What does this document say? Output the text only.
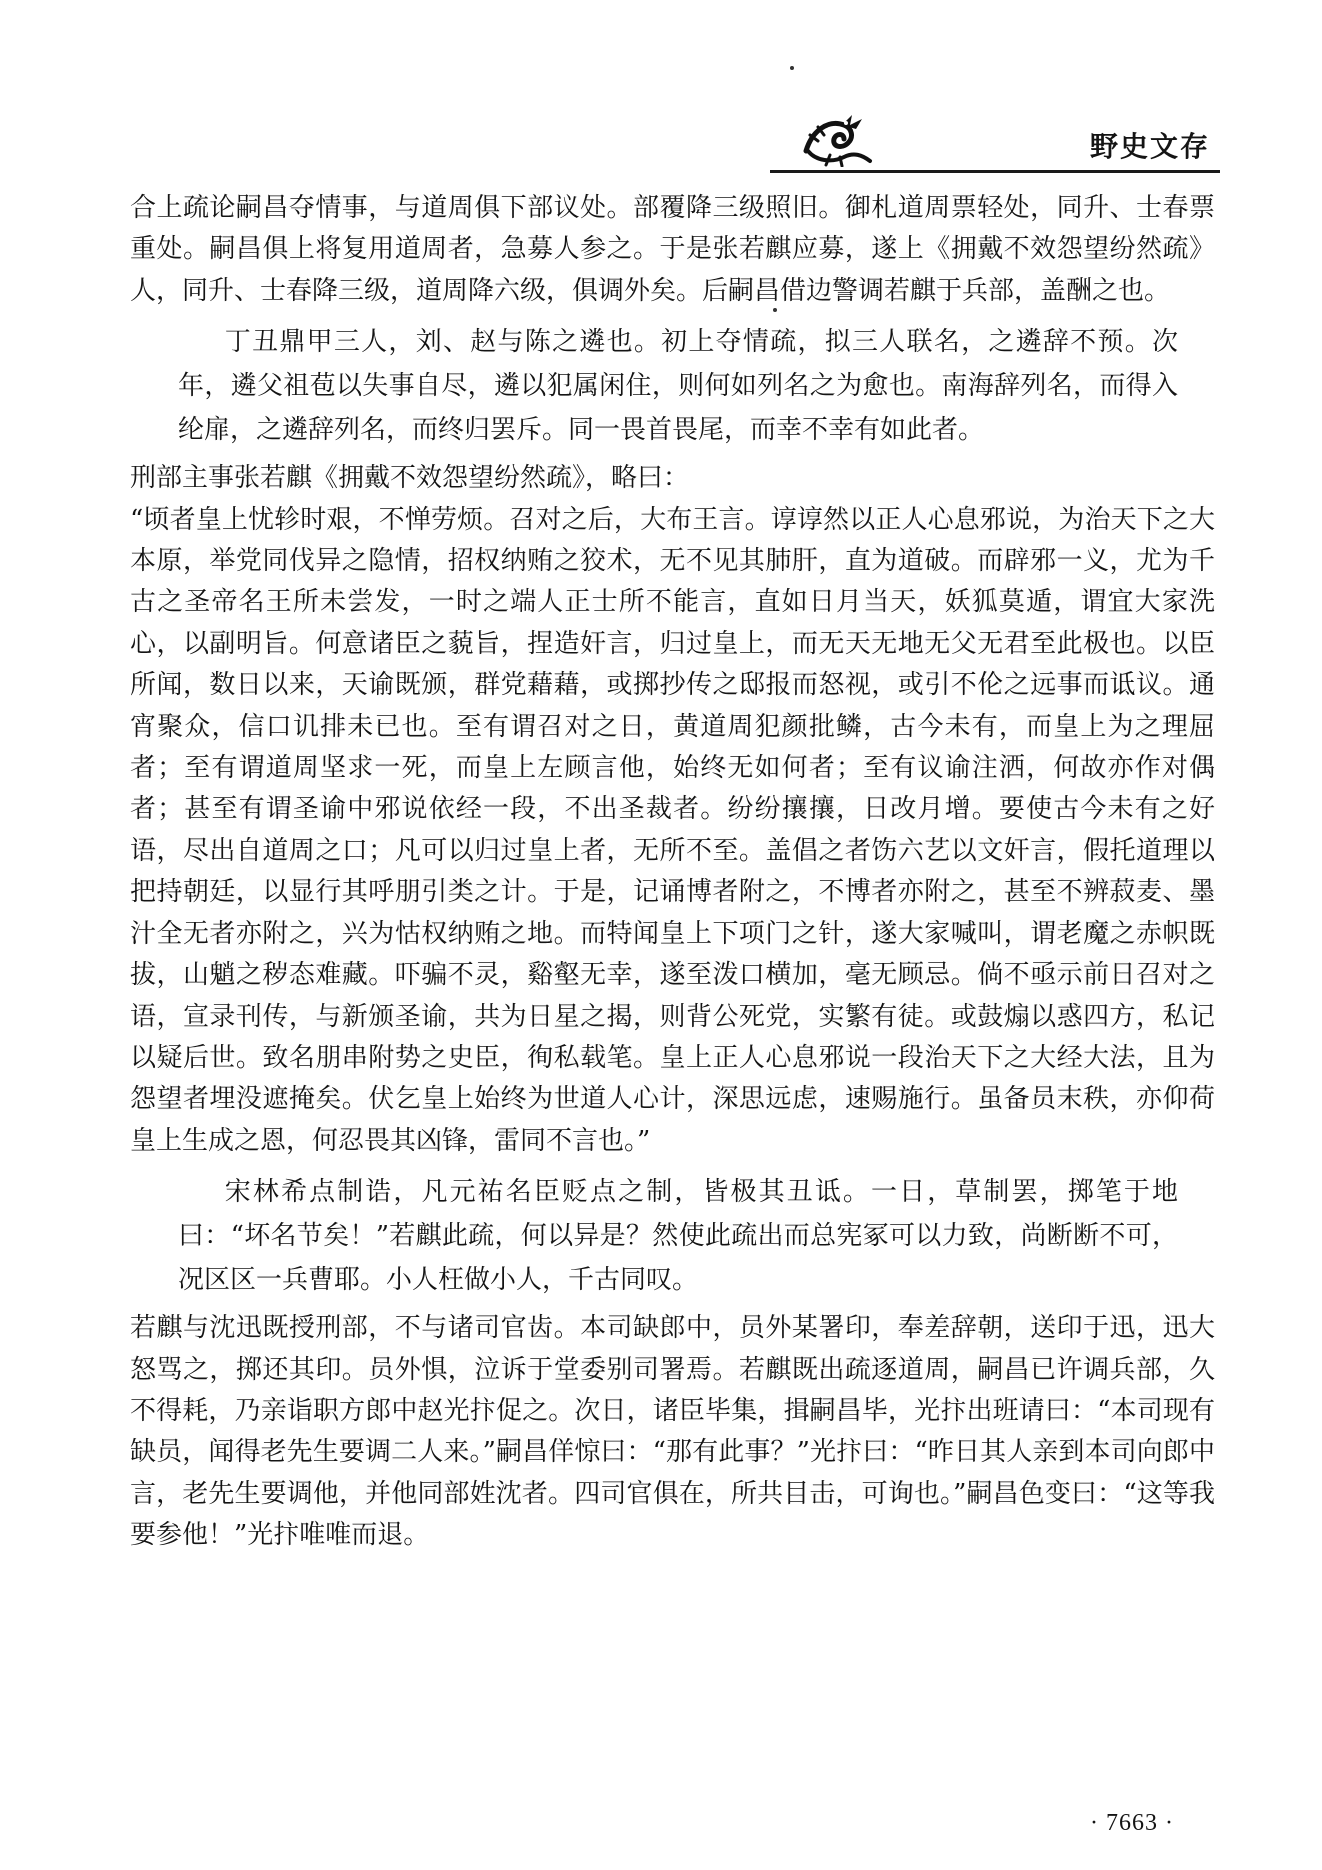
野史文存

合上疏论嗣昌夺情事，与道周俱下部议处。部覆降三级照旧。御札道周票轻处，同升、士春票重处。嗣昌俱上将复用道周者，急募人参之。于是张若麒应募，遂上《拥戴不效怨望纷然疏》人，同升、士春降三级，道周降六级，俱调外矣。后嗣昌借边警调若麒于兵部，盖酬之也。

丁丑鼎甲三人，刘、赵与陈之遴也。初上夺情疏，拟三人联名，之遴辞不预。次年，遴父祖苞以失事自尽，遴以犯属闲住，则何如列名之为愈也。南海辞列名，而得入纶扉，之遴辞列名，而终归罢斥。同一畏首畏尾，而幸不幸有如此者。

刑部主事张若麒《拥戴不效怨望纷然疏》，略曰：

“顷者皇上忧轸时艰，不惮劳烦。召对之后，大布王言。谆谆然以正人心息邪说，为治天下之大本原，举党同伐异之隐情，招权纳贿之狡术，无不见其肺肝，直为道破。而辟邪一义，尤为千古之圣帝名王所未尝发，一时之端人正士所不能言，直如日月当天，妖狐莫遁，谓宜大家洗心，以副明旨。何意诸臣之藐旨，捏造奸言，归过皇上，而无天无地无父无君至此极也。以臣所闻，数日以来，天谕既颁，群党藉藉，或掷抄传之邸报而怒视，或引不伦之远事而诋议。通宵聚众，信口讥排未已也。至有谓召对之日，黄道周犯颜批鳞，古今未有，而皇上为之理屈者；至有谓道周坚求一死，而皇上左顾言他，始终无如何者；至有议谕注洒，何故亦作对偶者；甚至有谓圣谕中邪说依经一段，不出圣裁者。纷纷攘攘，日改月增。要使古今未有之好语，尽出自道周之口；凡可以归过皇上者，无所不至。盖倡之者饬六艺以文奸言，假托道理以把持朝廷，以显行其呼朋引类之计。于是，记诵博者附之，不博者亦附之，甚至不辨菽麦、墨汁全无者亦附之，兴为怙权纳贿之地。而特闻皇上下项门之针，遂大家喊叫，谓老魔之赤帜既拔，山魈之秽态难藏。吓骗不灵，谿壑无幸，遂至泼口横加，毫无顾忌。倘不亟示前日召对之语，宣录刊传，与新颁圣谕，共为日星之揭，则背公死党，实繁有徒。或鼓煽以惑四方，私记以疑后世。致名朋串附势之史臣，徇私载笔。皇上正人心息邪说一段治天下之大经大法，且为怨望者埋没遮掩矣。伏乞皇上始终为世道人心计，深思远虑，速赐施行。虽备员末秩，亦仰荷皇上生成之恩，何忍畏其凶锋，雷同不言也。”

宋林希点制诰，凡元祐名臣贬点之制，皆极其丑诋。一日，草制罢，掷笔于地曰：“坏名节矣！”若麒此疏，何以异是？然使此疏出而总宪冢可以力致，尚断断不可，况区区一兵曹耶。小人枉做小人，千古同叹。

若麒与沈迅既授刑部，不与诸司官齿。本司缺郎中，员外某署印，奉差辞朝，送印于迅，迅大怒骂之，掷还其印。员外惧，泣诉于堂委别司署焉。若麒既出疏逐道周，嗣昌已许调兵部，久不得耗，乃亲诣职方郎中赵光抃促之。次日，诸臣毕集，揖嗣昌毕，光抃出班请曰：“本司现有缺员，闻得老先生要调二人来。”嗣昌佯惊曰：“那有此事？”光抃曰：“昨日其人亲到本司向郎中言，老先生要调他，并他同部姓沈者。四司官俱在，所共目击，可询也。”嗣昌色变曰：“这等我要参他！”光抃唯唯而退。

· 7663 ·
